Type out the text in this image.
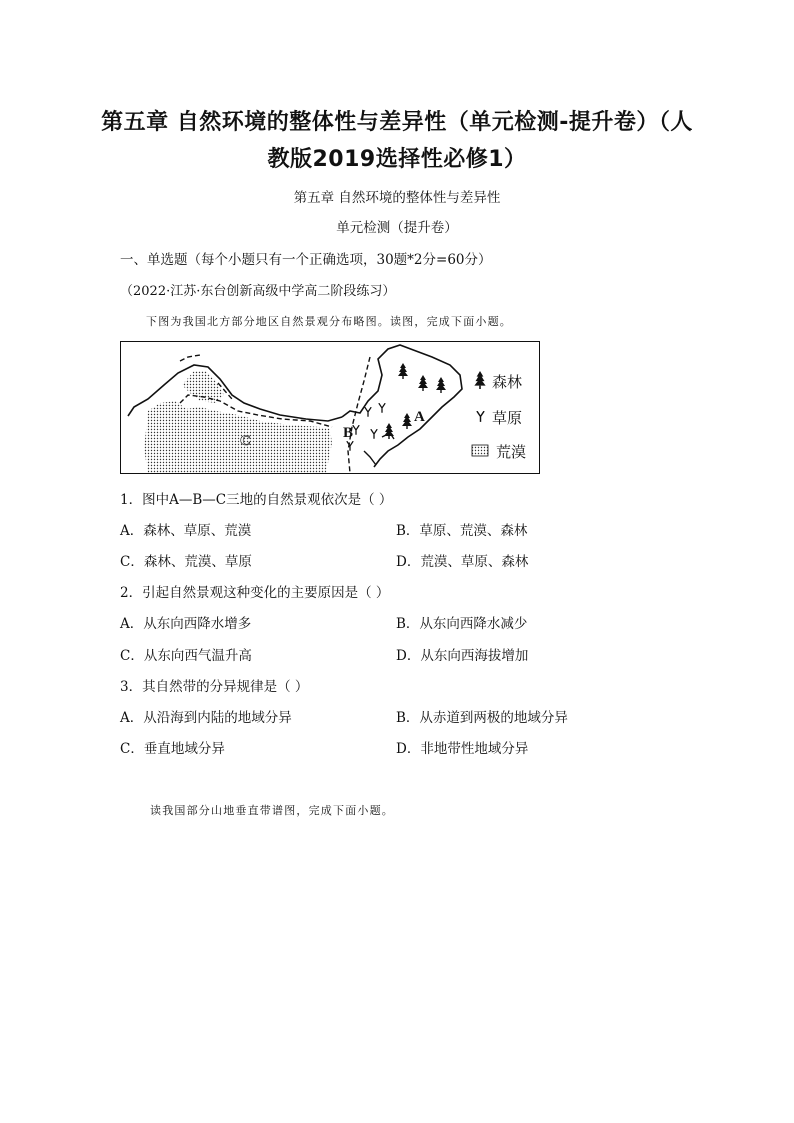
第五章 自然环境的整体性与差异性（单元检测-提升卷）（人教版2019选择性必修1）
第五章 自然环境的整体性与差异性
单元检测（提升卷）
一、单选题（每个小题只有一个正确选项，30题*2分=60分）
（2022·江苏·东台创新高级中学高二阶段练习）
下图为我国北方部分地区自然景观分布略图。读图，完成下面小题。
A
B
C
森林
草原
荒漠
1．图中A—B—C三地的自然景观依次是（ ）
A．森林、草原、荒漠	B．草原、荒漠、森林
C．森林、荒漠、草原	D．荒漠、草原、森林
2．引起自然景观这种变化的主要原因是（ ）
A．从东向西降水增多	B．从东向西降水减少
C．从东向西气温升高	D．从东向西海拔增加
3．其自然带的分异规律是（ ）
A．从沿海到内陆的地域分异	B．从赤道到两极的地域分异
C．垂直地域分异	D．非地带性地域分异
读我国部分山地垂直带谱图，完成下面小题。
